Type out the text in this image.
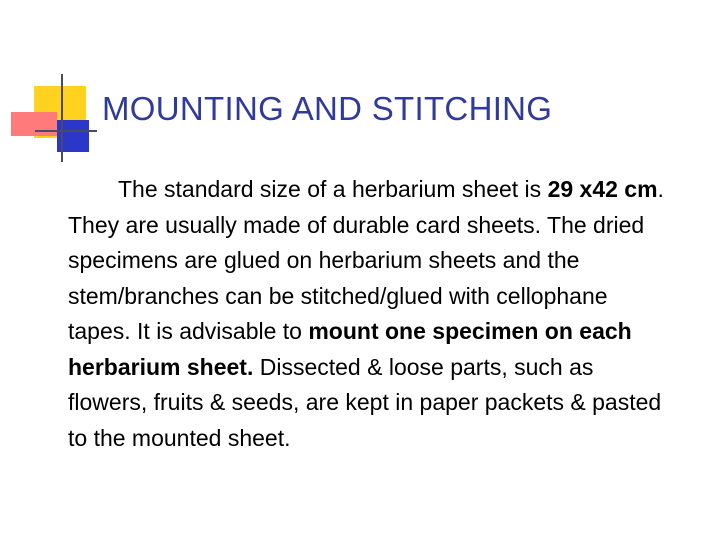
MOUNTING AND STITCHING

The standard size of a herbarium sheet is 29 x42 cm. They are usually made of durable card sheets. The dried specimens are glued on herbarium sheets and the stem/branches can be stitched/glued with cellophane tapes. It is advisable to mount one specimen on each herbarium sheet. Dissected & loose parts, such as flowers, fruits & seeds, are kept in paper packets & pasted to the mounted sheet.
